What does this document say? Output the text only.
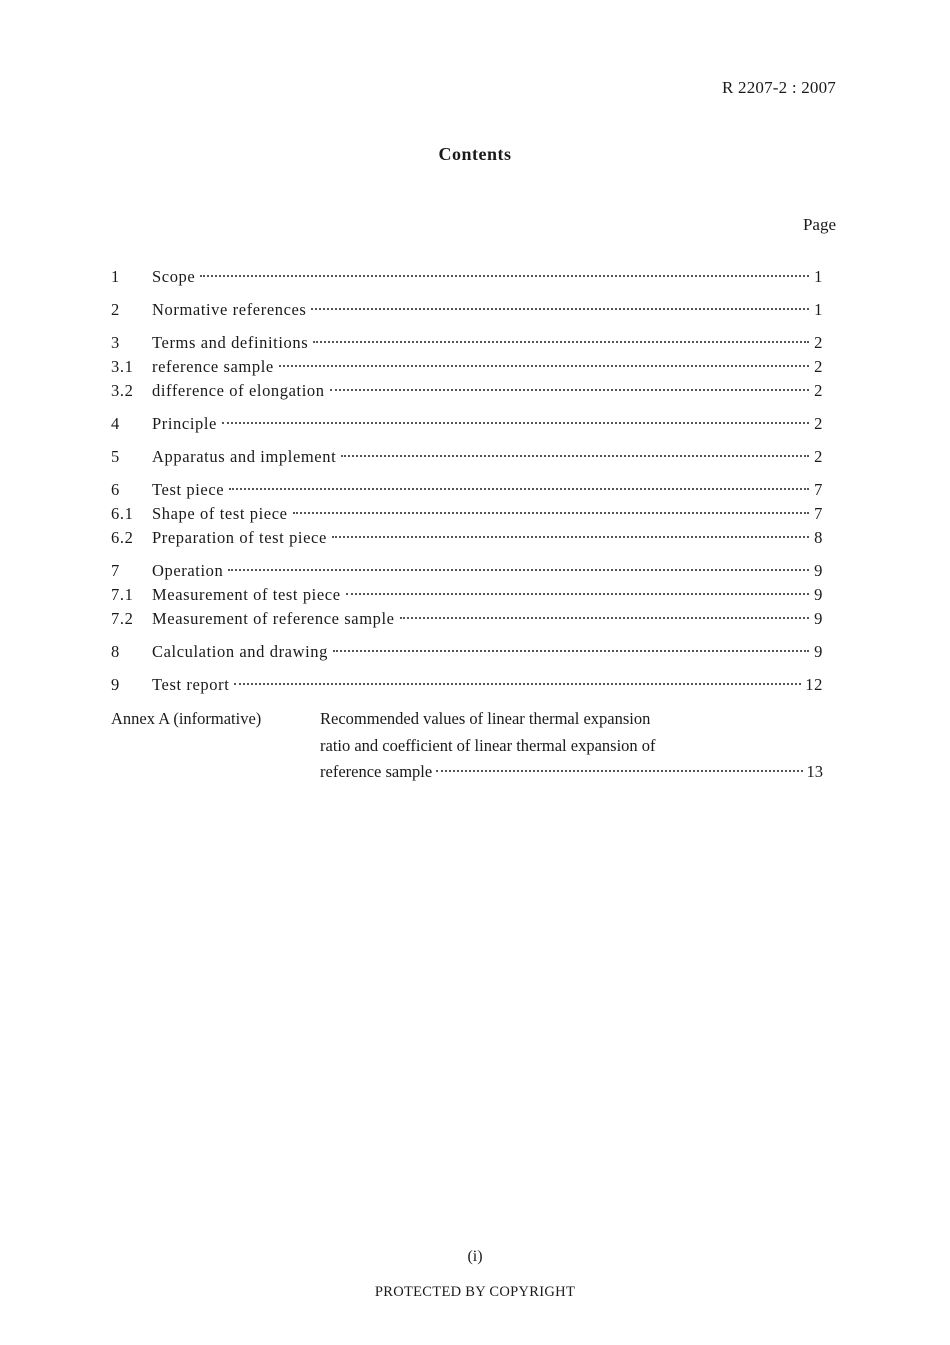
R 2207-2 : 2007
Contents
Page
1	Scope	1
2	Normative references	1
3	Terms and definitions	2
3.1	reference sample	2
3.2	difference of elongation	2
4	Principle	2
5	Apparatus and implement	2
6	Test piece	7
6.1	Shape of test piece	7
6.2	Preparation of test piece	8
7	Operation	9
7.1	Measurement of test piece	9
7.2	Measurement of reference sample	9
8	Calculation and drawing	9
9	Test report	12
Annex A (informative)	Recommended values of linear thermal expansion
ratio and coefficient of linear thermal expansion of
reference sample	13
(i)
PROTECTED BY COPYRIGHT
